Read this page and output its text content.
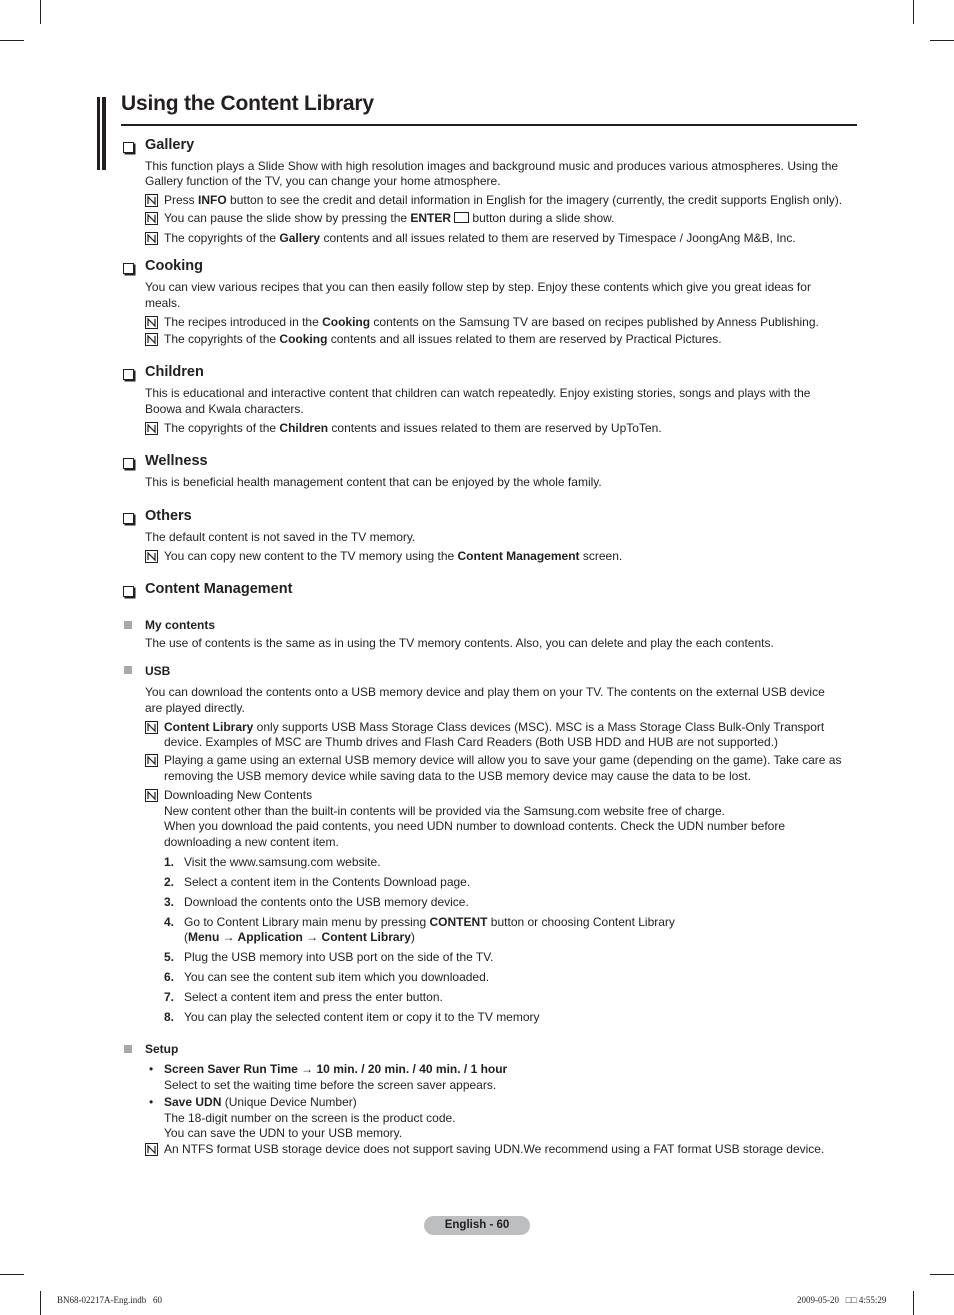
Using the Content Library
Gallery
This function plays a Slide Show with high resolution images and background music and produces various atmospheres. Using the
Gallery function of the TV, you can change your home atmosphere.
Press INFO button to see the credit and detail information in English for the imagery (currently, the credit supports English only).
You can pause the slide show by pressing the ENTER button during a slide show.
The copyrights of the Gallery contents and all issues related to them are reserved by Timespace / JoongAng M&B, Inc.
Cooking
You can view various recipes that you can then easily follow step by step. Enjoy these contents which give you great ideas for
meals.
The recipes introduced in the Cooking contents on the Samsung TV are based on recipes published by Anness Publishing.
The copyrights of the Cooking contents and all issues related to them are reserved by Practical Pictures.
Children
This is educational and interactive content that children can watch repeatedly. Enjoy existing stories, songs and plays with the
Boowa and Kwala characters.
The copyrights of the Children contents and issues related to them are reserved by UpToTen.
Wellness
This is beneficial health management content that can be enjoyed by the whole family.
Others
The default content is not saved in the TV memory.
You can copy new content to the TV memory using the Content Management screen.
Content Management
My contents
The use of contents is the same as in using the TV memory contents. Also, you can delete and play the each contents.
USB
You can download the contents onto a USB memory device and play them on your TV. The contents on the external USB device
are played directly.
Content Library only supports USB Mass Storage Class devices (MSC). MSC is a Mass Storage Class Bulk-Only Transport
device. Examples of MSC are Thumb drives and Flash Card Readers (Both USB HDD and HUB are not supported.)
Playing a game using an external USB memory device will allow you to save your game (depending on the game). Take care as
removing the USB memory device while saving data to the USB memory device may cause the data to be lost.
Downloading New Contents
New content other than the built-in contents will be provided via the Samsung.com website free of charge.
When you download the paid contents, you need UDN number to download contents. Check the UDN number before
downloading a new content item.
1. Visit the www.samsung.com website.
2. Select a content item in the Contents Download page.
3. Download the contents onto the USB memory device.
4. Go to Content Library main menu by pressing CONTENT button or choosing Content Library
(Menu → Application → Content Library)
5. Plug the USB memory into USB port on the side of the TV.
6. You can see the content sub item which you downloaded.
7. Select a content item and press the enter button.
8. You can play the selected content item or copy it to the TV memory
Setup
• Screen Saver Run Time → 10 min. / 20 min. / 40 min. / 1 hour
Select to set the waiting time before the screen saver appears.
• Save UDN (Unique Device Number)
The 18-digit number on the screen is the product code.
You can save the UDN to your USB memory.
An NTFS format USB storage device does not support saving UDN.We recommend using a FAT format USB storage device.
English - 60
BN68-02217A-Eng.indb   60	2009-05-20   □□ 4:55:29
